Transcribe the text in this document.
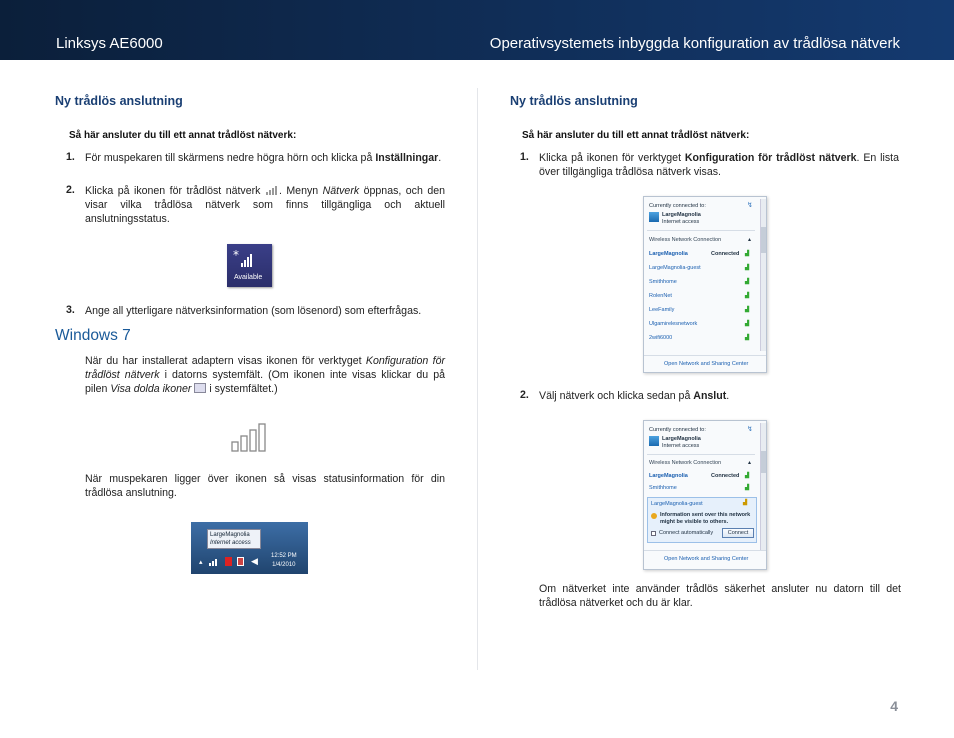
Linksys AE6000	Operativsystemets inbyggda konfiguration av trådlösa nätverk
Ny trådlös anslutning
Så här ansluter du till ett annat trådlöst nätverk:
1. För muspekaren till skärmens nedre högra hörn och klicka på Inställningar.
2. Klicka på ikonen för trådlöst nätverk . Menyn Nätverk öppnas, och den visar vilka trådlösa nätverk som finns tillgängliga och aktuell anslutningsstatus.
*
Available
3. Ange all ytterligare nätverksinformation (som lösenord) som efterfrågas.
Windows 7
När du har installerat adaptern visas ikonen för verktyget Konfiguration för trådlöst nätverk i datorns systemfält. (Om ikonen inte visas klickar du på pilen Visa dolda ikoner i systemfältet.)
När muspekaren ligger över ikonen så visas statusinformation för din trådlösa anslutning.
LargeMagnolia
Internet access
▴	◀ 12:52 PM
1/4/2010
Ny trådlös anslutning
Så här ansluter du till ett annat trådlöst nätverk:
1. Klicka på ikonen för verktyget Konfiguration för trådlöst nätverk. En lista över tillgängliga trådlösa nätverk visas.
Currently connected to:	↯
LargeMagnolia
Internet access
Wireless Network Connection	▴
LargeMagnolia	Connected ▟
LargeMagnolia-guest	▟
Smithhome	▟
RolenNet	▟
LeeFamily	▟
Ulgamirelesnetwork	▟
2wifi6000	▟
Open Network and Sharing Center
2. Välj nätverk och klicka sedan på Anslut.
Currently connected to:	↯
LargeMagnolia
Internet access
Wireless Network Connection	▴
LargeMagnolia	Connected ▟
Smithhome	▟
LargeMagnolia-guest	▟
Information sent over this network
might be visible to others.
Connect automatically	Connect
Open Network and Sharing Center
Om nätverket inte använder trådlös säkerhet ansluter nu datorn till det trådlösa nätverket och du är klar.
4
